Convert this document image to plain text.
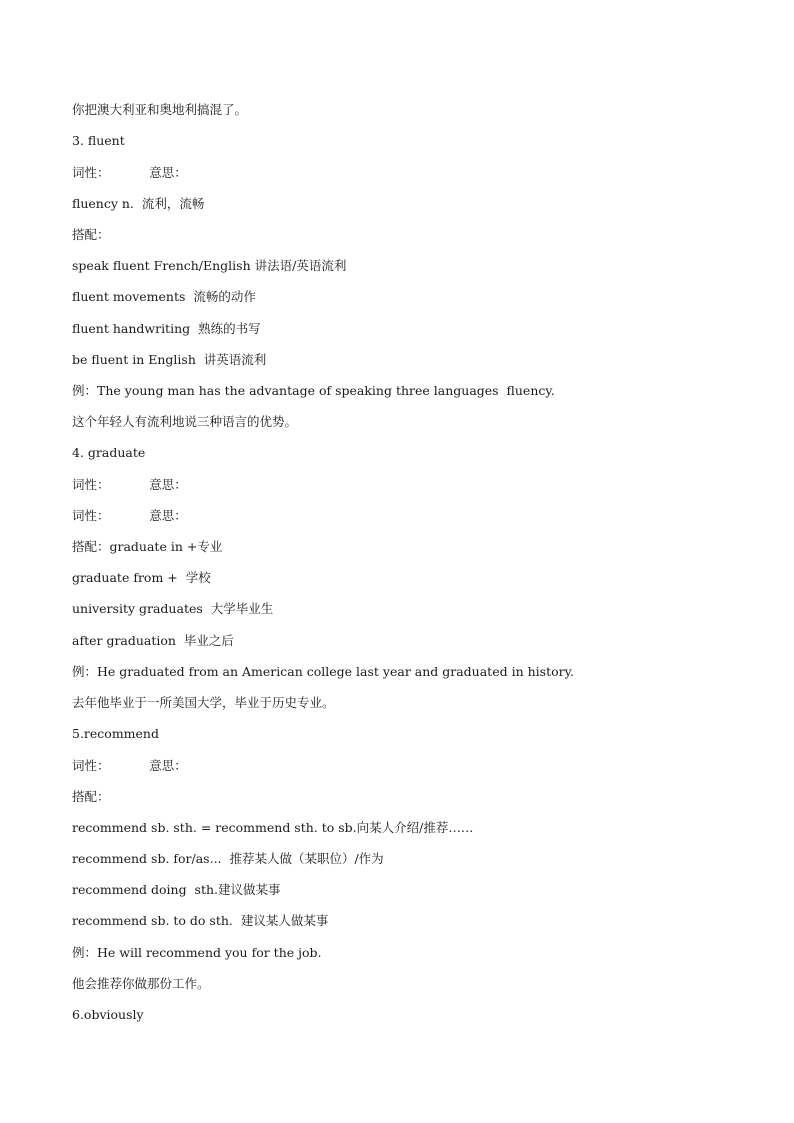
你把澳大利亚和奥地利搞混了。
3. fluent
词性：          意思：
fluency n.  流利，流畅
搭配：
speak fluent French/English 讲法语/英语流利
fluent movements  流畅的动作
fluent handwriting  熟练的书写
be fluent in English  讲英语流利
例：The young man has the advantage of speaking three languages  fluency.
这个年轻人有流利地说三种语言的优势。
4. graduate
词性：          意思：
词性：          意思：
搭配：graduate in +专业
graduate from +  学校
university graduates  大学毕业生
after graduation  毕业之后
例：He graduated from an American college last year and graduated in history.
去年他毕业于一所美国大学，毕业于历史专业。
5.recommend
词性：          意思：
搭配：
recommend sb. sth. = recommend sth. to sb.向某人介绍/推荐……
recommend sb. for/as...  推荐某人做（某职位）/作为
recommend doing  sth.建议做某事
recommend sb. to do sth.  建议某人做某事
例：He will recommend you for the job.
他会推荐你做那份工作。
6.obviously
